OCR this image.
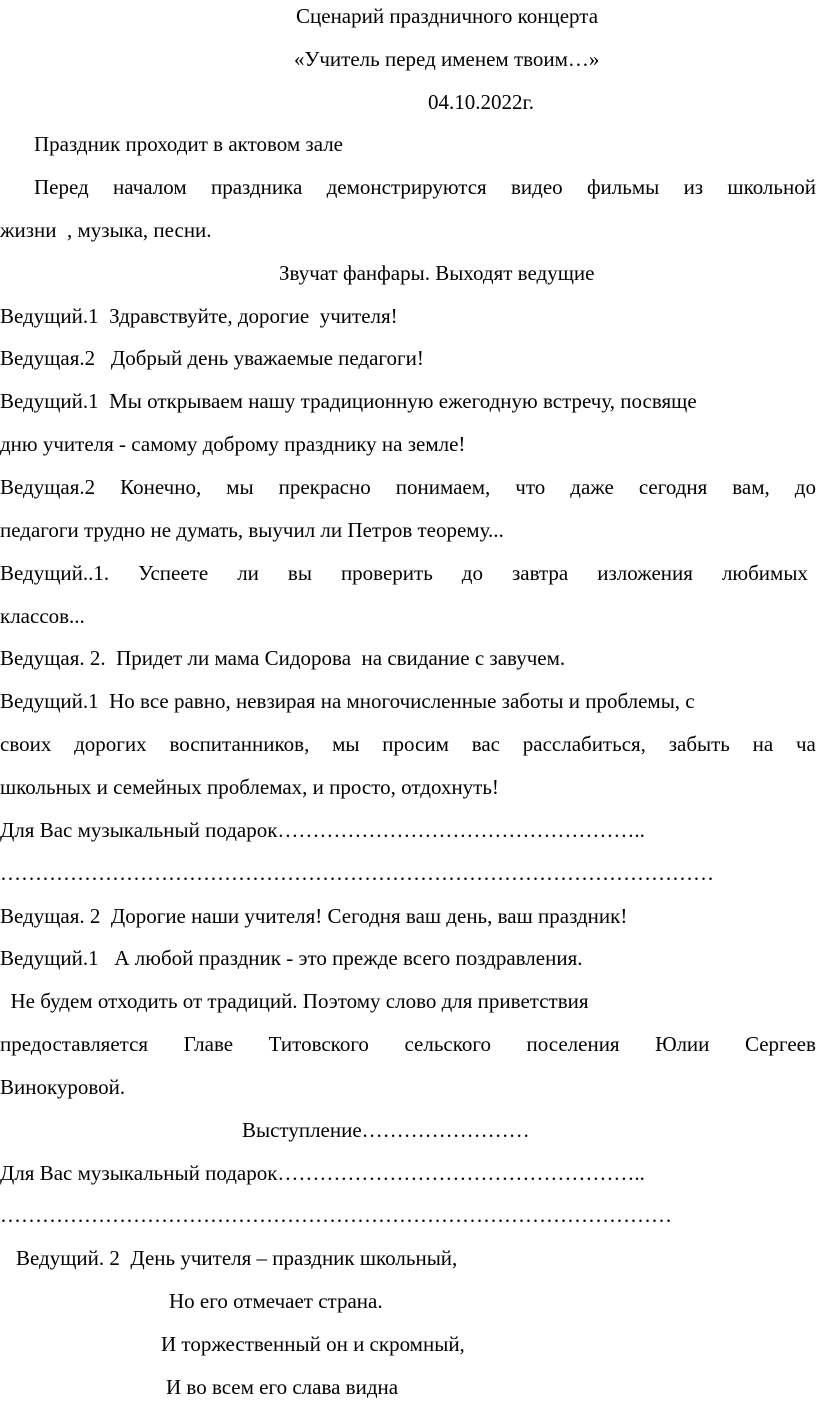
Сценарий праздничного концерта

«Учитель перед именем твоим…»

04.10.2022г.

Праздник проходит в актовом зале

Перед началом праздника демонстрируются видео фильмы из школьной

жизни  , музыка, песни.

Звучат фанфары. Выходят ведущие

Ведущий.1  Здравствуйте, дорогие  учителя!

Ведущая.2   Добрый день уважаемые педагоги!

Ведущий.1  Мы открываем нашу традиционную ежегодную встречу, посвяще

дню учителя - самому доброму празднику на земле!

Ведущая.2 Конечно, мы прекрасно понимаем, что даже сегодня вам, до

педагоги трудно не думать, выучил ли Петров теорему...

Ведущий..1. Успеете ли вы проверить до завтра изложения любимых

классов...

Ведущая. 2.  Придет ли мама Сидорова  на свидание с завучем.

Ведущий.1  Но все равно, невзирая на многочисленные заботы и проблемы, с

своих дорогих воспитанников, мы просим вас расслабиться, забыть на ча

школьных и семейных проблемах, и просто, отдохнуть!

Для Вас музыкальный подарок……………………………………………..

…………………………………………………………………………………………

Ведущая. 2  Дорогие наши учителя! Сегодня ваш день, ваш праздник!

Ведущий.1   А любой праздник - это прежде всего поздравления.

Не будем отходить от традиций. Поэтому слово для приветствия

предоставляется Главе Титовского сельского поселения Юлии Сергеев

Винокуровой.

Выступление……………………

Для Вас музыкальный подарок……………………………………………..

……………………………………………………………………………………

Ведущий. 2  День учителя – праздник школьный,

Но его отмечает страна.

И торжественный он и скромный,

И во всем его слава видна
